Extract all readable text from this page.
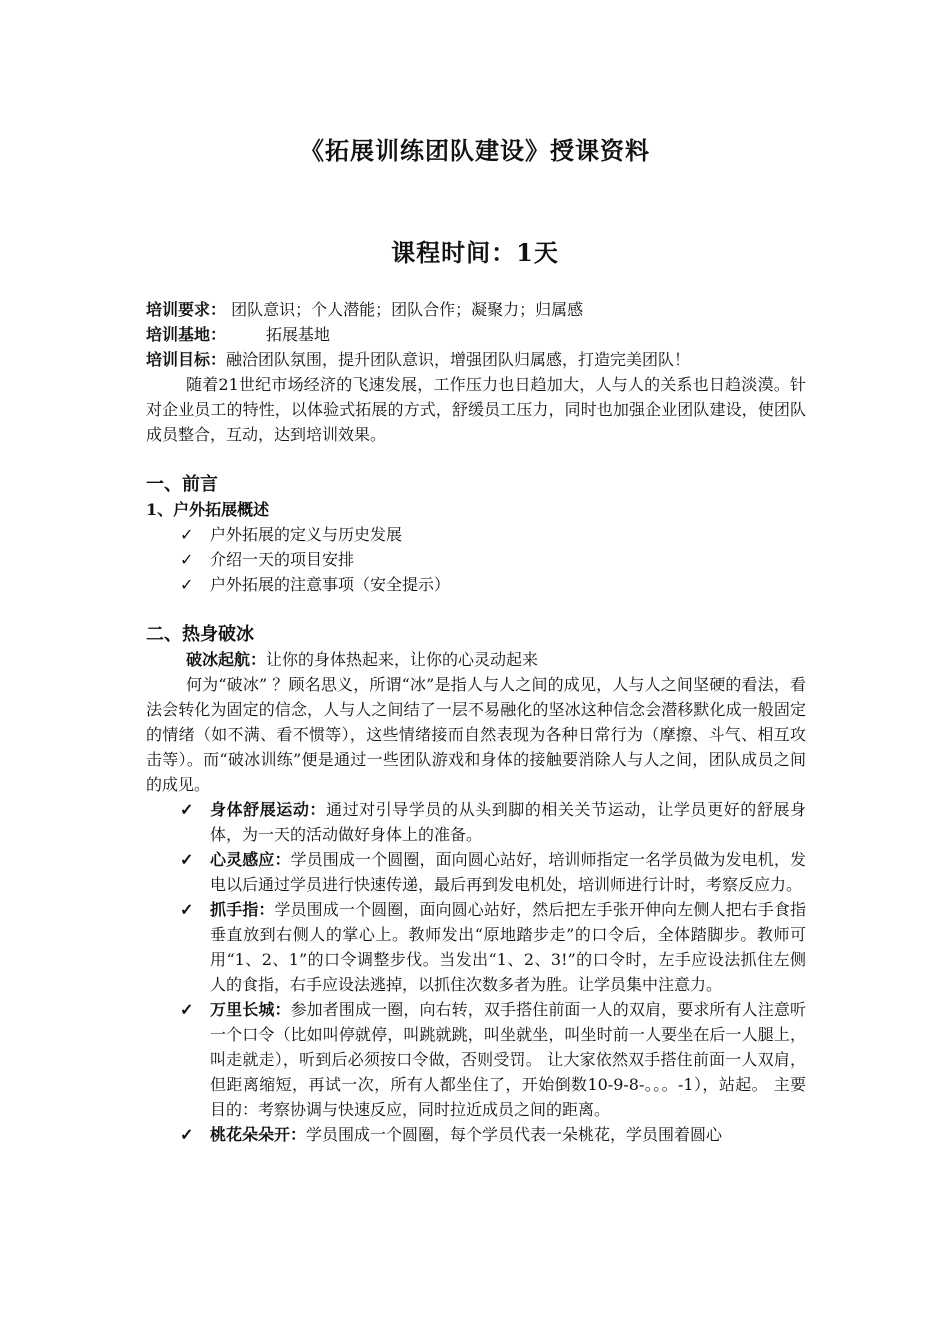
《拓展训练团队建设》授课资料
课程时间：1天
培训要求： 团队意识；个人潜能；团队合作；凝聚力；归属感
培训基地：	拓展基地
培训目标：融洽团队氛围，提升团队意识，增强团队归属感，打造完美团队！
随着21世纪市场经济的飞速发展，工作压力也日趋加大，人与人的关系也日趋淡漠。针对企业员工的特性，以体验式拓展的方式，舒缓员工压力，同时也加强企业团队建设，使团队成员整合，互动，达到培训效果。
一、前言
1、户外拓展概述
✓ 户外拓展的定义与历史发展
✓ 介绍一天的项目安排
✓ 户外拓展的注意事项（安全提示）
二、热身破冰
破冰起航：让你的身体热起来，让你的心灵动起来
何为“破冰” ？顾名思义，所谓“冰”是指人与人之间的成见，人与人之间坚硬的看法，看法会转化为固定的信念，人与人之间结了一层不易融化的坚冰这种信念会潜移默化成一般固定的情绪（如不满、看不惯等），这些情绪接而自然表现为各种日常行为（摩擦、斗气、相互攻击等）。而“破冰训练”便是通过一些团队游戏和身体的接触要消除人与人之间，团队成员之间的成见。
✓ 身体舒展运动：通过对引导学员的从头到脚的相关关节运动，让学员更好的舒展身体，为一天的活动做好身体上的准备。
✓ 心灵感应：学员围成一个圆圈，面向圆心站好，培训师指定一名学员做为发电机，发电以后通过学员进行快速传递，最后再到发电机处，培训师进行计时，考察反应力。
✓ 抓手指：学员围成一个圆圈，面向圆心站好，然后把左手张开伸向左侧人把右手食指垂直放到右侧人的掌心上。教师发出“原地踏步走”的口令后，全体踏脚步。教师可用“1、2、1”的口令调整步伐。当发出“1、2、3!”的口令时，左手应设法抓住左侧人的食指，右手应设法逃掉，以抓住次数多者为胜。让学员集中注意力。
✓ 万里长城：参加者围成一圈，向右转，双手搭住前面一人的双肩，要求所有人注意听一个口令（比如叫停就停，叫跳就跳，叫坐就坐，叫坐时前一人要坐在后一人腿上，叫走就走），听到后必须按口令做，否则受罚。 让大家依然双手搭住前面一人双肩，但距离缩短，再试一次，所有人都坐住了，开始倒数10-9-8-。。。-1），站起。 主要目的：考察协调与快速反应，同时拉近成员之间的距离。
✓ 桃花朵朵开：学员围成一个圆圈，每个学员代表一朵桃花，学员围着圆心
